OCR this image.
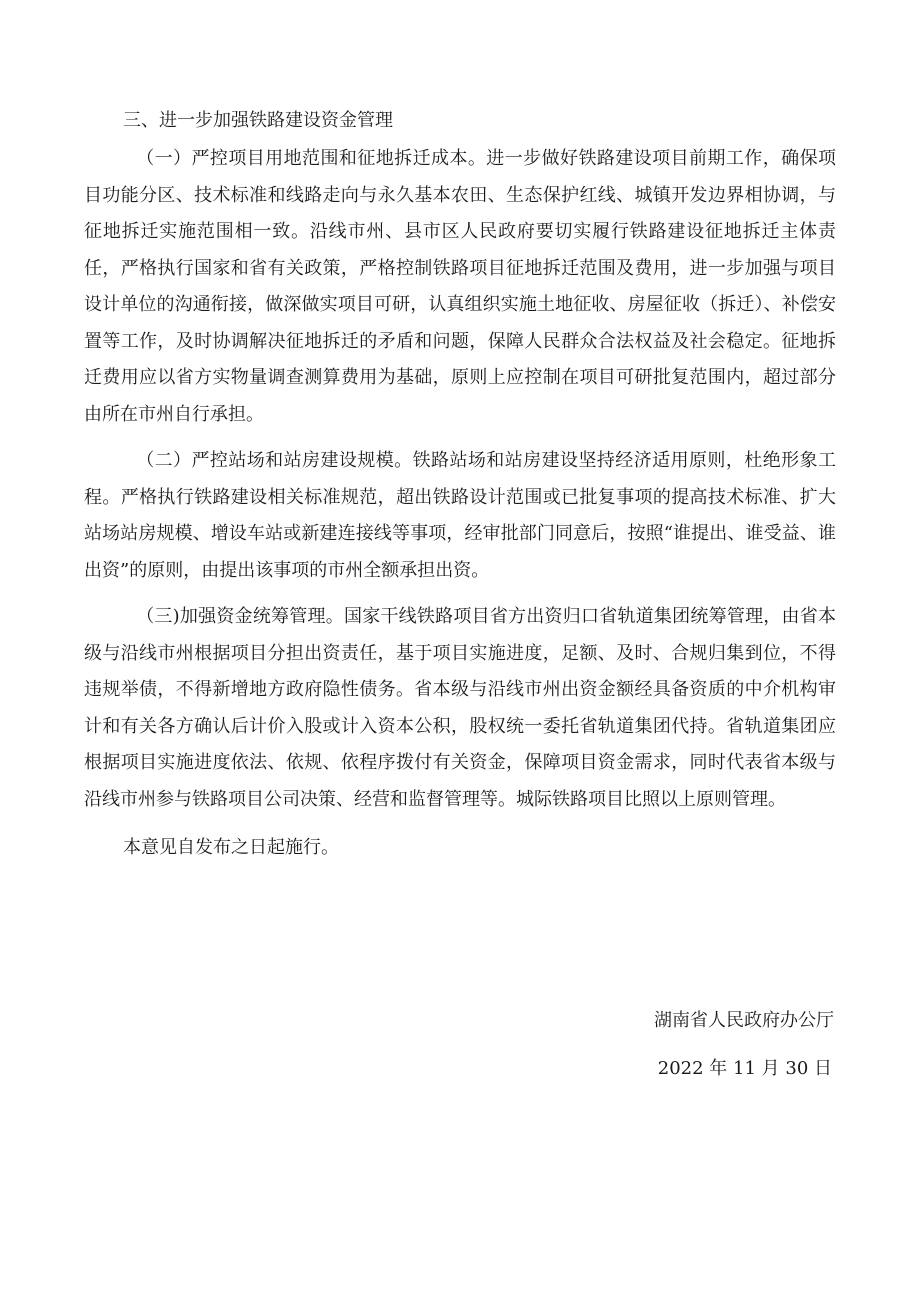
三、进一步加强铁路建设资金管理

（一）严控项目用地范围和征地拆迁成本。进一步做好铁路建设项目前期工作，确保项目功能分区、技术标准和线路走向与永久基本农田、生态保护红线、城镇开发边界相协调，与征地拆迁实施范围相一致。沿线市州、县市区人民政府要切实履行铁路建设征地拆迁主体责任，严格执行国家和省有关政策，严格控制铁路项目征地拆迁范围及费用，进一步加强与项目设计单位的沟通衔接，做深做实项目可研，认真组织实施土地征收、房屋征收（拆迁）、补偿安置等工作，及时协调解决征地拆迁的矛盾和问题，保障人民群众合法权益及社会稳定。征地拆迁费用应以省方实物量调查测算费用为基础，原则上应控制在项目可研批复范围内，超过部分由所在市州自行承担。

（二）严控站场和站房建设规模。铁路站场和站房建设坚持经济适用原则，杜绝形象工程。严格执行铁路建设相关标准规范，超出铁路设计范围或已批复事项的提高技术标准、扩大站场站房规模、增设车站或新建连接线等事项，经审批部门同意后，按照“谁提出、谁受益、谁出资”的原则，由提出该事项的市州全额承担出资。

（三)加强资金统筹管理。国家干线铁路项目省方出资归口省轨道集团统筹管理，由省本级与沿线市州根据项目分担出资责任，基于项目实施进度，足额、及时、合规归集到位，不得违规举债，不得新增地方政府隐性债务。省本级与沿线市州出资金额经具备资质的中介机构审计和有关各方确认后计价入股或计入资本公积，股权统一委托省轨道集团代持。省轨道集团应根据项目实施进度依法、依规、依程序拨付有关资金，保障项目资金需求，同时代表省本级与沿线市州参与铁路项目公司决策、经营和监督管理等。城际铁路项目比照以上原则管理。

本意见自发布之日起施行。

湖南省人民政府办公厅
2022 年 11 月 30 日
